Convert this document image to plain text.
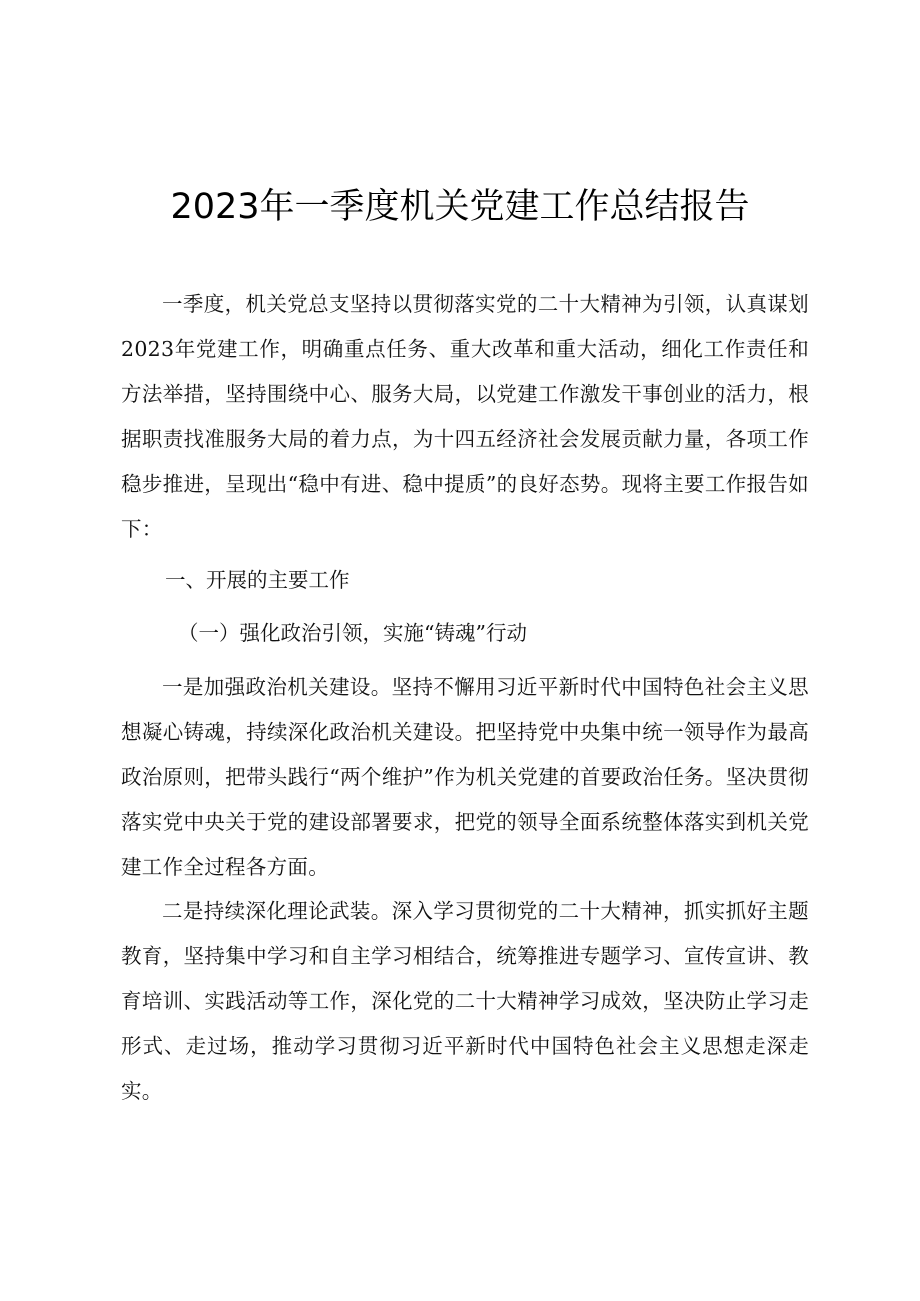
2023年一季度机关党建工作总结报告
一季度，机关党总支坚持以贯彻落实党的二十大精神为引领，认真谋划2023年党建工作，明确重点任务、重大改革和重大活动，细化工作责任和方法举措，坚持围绕中心、服务大局，以党建工作激发干事创业的活力，根据职责找准服务大局的着力点，为十四五经济社会发展贡献力量，各项工作稳步推进，呈现出“稳中有进、稳中提质”的良好态势。现将主要工作报告如下：
一、开展的主要工作
（一）强化政治引领，实施“铸魂”行动
一是加强政治机关建设。坚持不懈用习近平新时代中国特色社会主义思想凝心铸魂，持续深化政治机关建设。把坚持党中央集中统一领导作为最高政治原则，把带头践行“两个维护”作为机关党建的首要政治任务。坚决贯彻落实党中央关于党的建设部署要求，把党的领导全面系统整体落实到机关党建工作全过程各方面。
二是持续深化理论武装。深入学习贯彻党的二十大精神，抓实抓好主题教育，坚持集中学习和自主学习相结合，统筹推进专题学习、宣传宣讲、教育培训、实践活动等工作，深化党的二十大精神学习成效，坚决防止学习走形式、走过场，推动学习贯彻习近平新时代中国特色社会主义思想走深走实。
